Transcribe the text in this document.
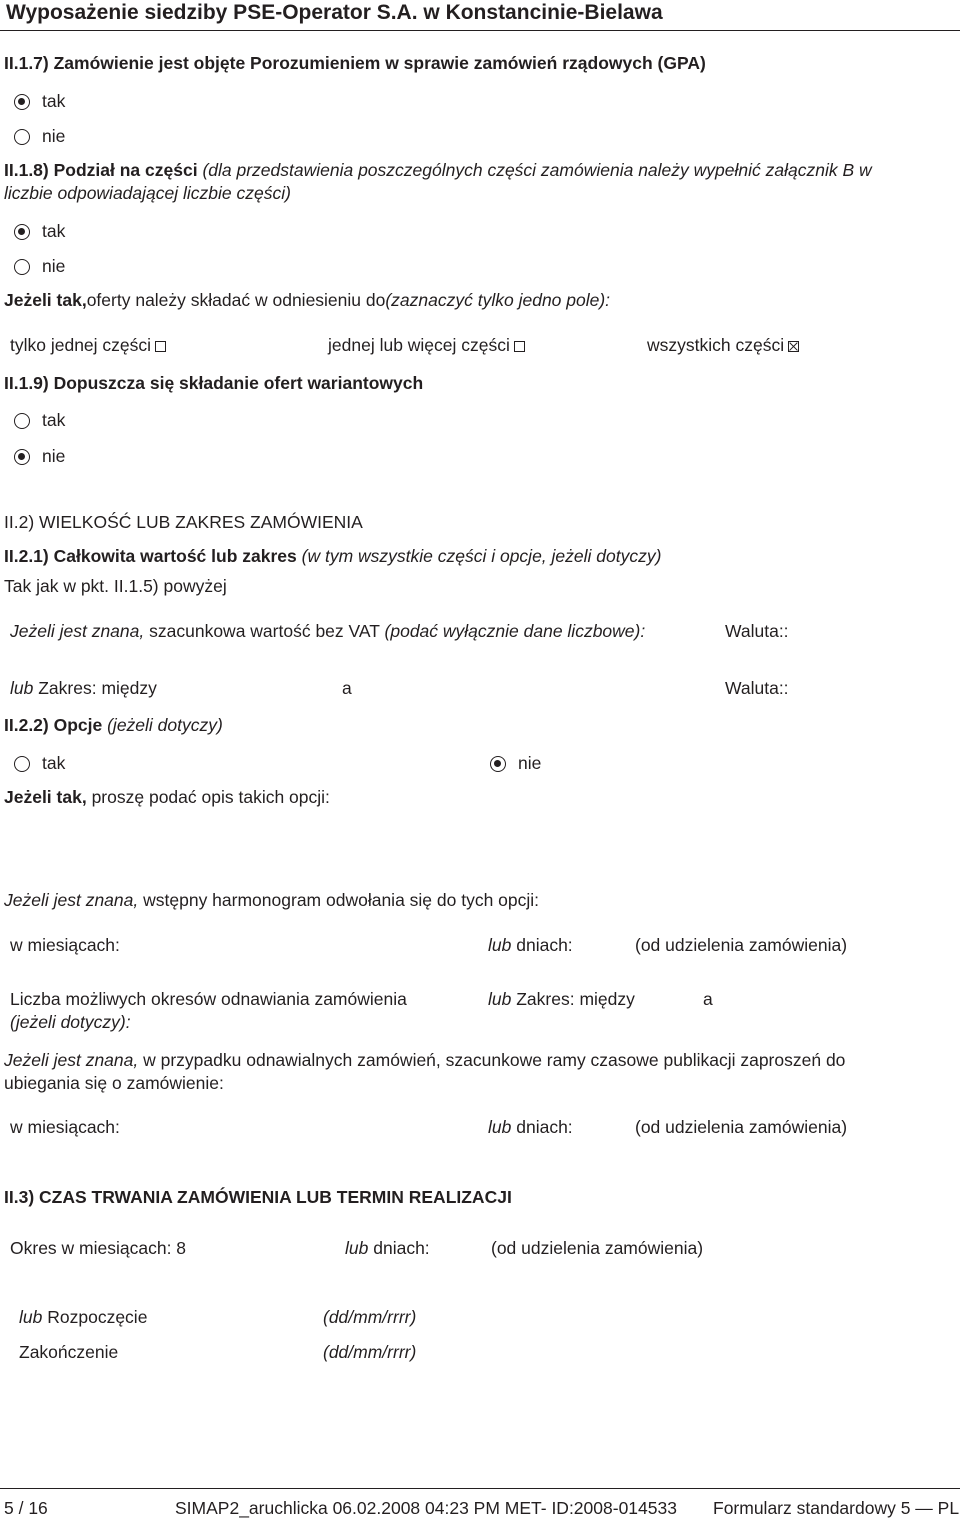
Wyposażenie siedziby PSE-Operator S.A. w Konstancinie-Bielawa
II.1.7) Zamówienie jest objęte Porozumieniem w sprawie zamówień rządowych (GPA)
tak
nie
II.1.8) Podział na części (dla przedstawienia poszczególnych części zamówienia należy wypełnić załącznik B w
liczbie odpowiadającej liczbie części)
tak
nie
Jeżeli tak,oferty należy składać w odniesieniu do(zaznaczyć tylko jedno pole):
tylko jednej części	jednej lub więcej części	wszystkich części
II.1.9) Dopuszcza się składanie ofert wariantowych
tak
nie
II.2) WIELKOŚĆ LUB ZAKRES ZAMÓWIENIA
II.2.1) Całkowita wartość lub zakres (w tym wszystkie części i opcje, jeżeli dotyczy)
Tak jak w pkt. II.1.5) powyżej
Jeżeli jest znana, szacunkowa wartość bez VAT (podać wyłącznie dane liczbowe):	Waluta::
lub Zakres: między	a	Waluta::
II.2.2) Opcje (jeżeli dotyczy)
tak	nie
Jeżeli tak, proszę podać opis takich opcji:
Jeżeli jest znana, wstępny harmonogram odwołania się do tych opcji:
w miesiącach:	lub dniach:	(od udzielenia zamówienia)
Liczba możliwych okresów odnawiania zamówienia
(jeżeli dotyczy):
lub Zakres: między	a
Jeżeli jest znana, w przypadku odnawialnych zamówień, szacunkowe ramy czasowe publikacji zaproszeń do
ubiegania się o zamówienie:
w miesiącach:	lub dniach:	(od udzielenia zamówienia)
II.3) CZAS TRWANIA ZAMÓWIENIA LUB TERMIN REALIZACJI
Okres w miesiącach: 8	lub dniach:	(od udzielenia zamówienia)
lub Rozpoczęcie	(dd/mm/rrrr)
Zakończenie	(dd/mm/rrrr)
5 / 16	SIMAP2_aruchlicka 06.02.2008 04:23 PM MET- ID:2008-014533 Formularz standardowy 5 — PL
